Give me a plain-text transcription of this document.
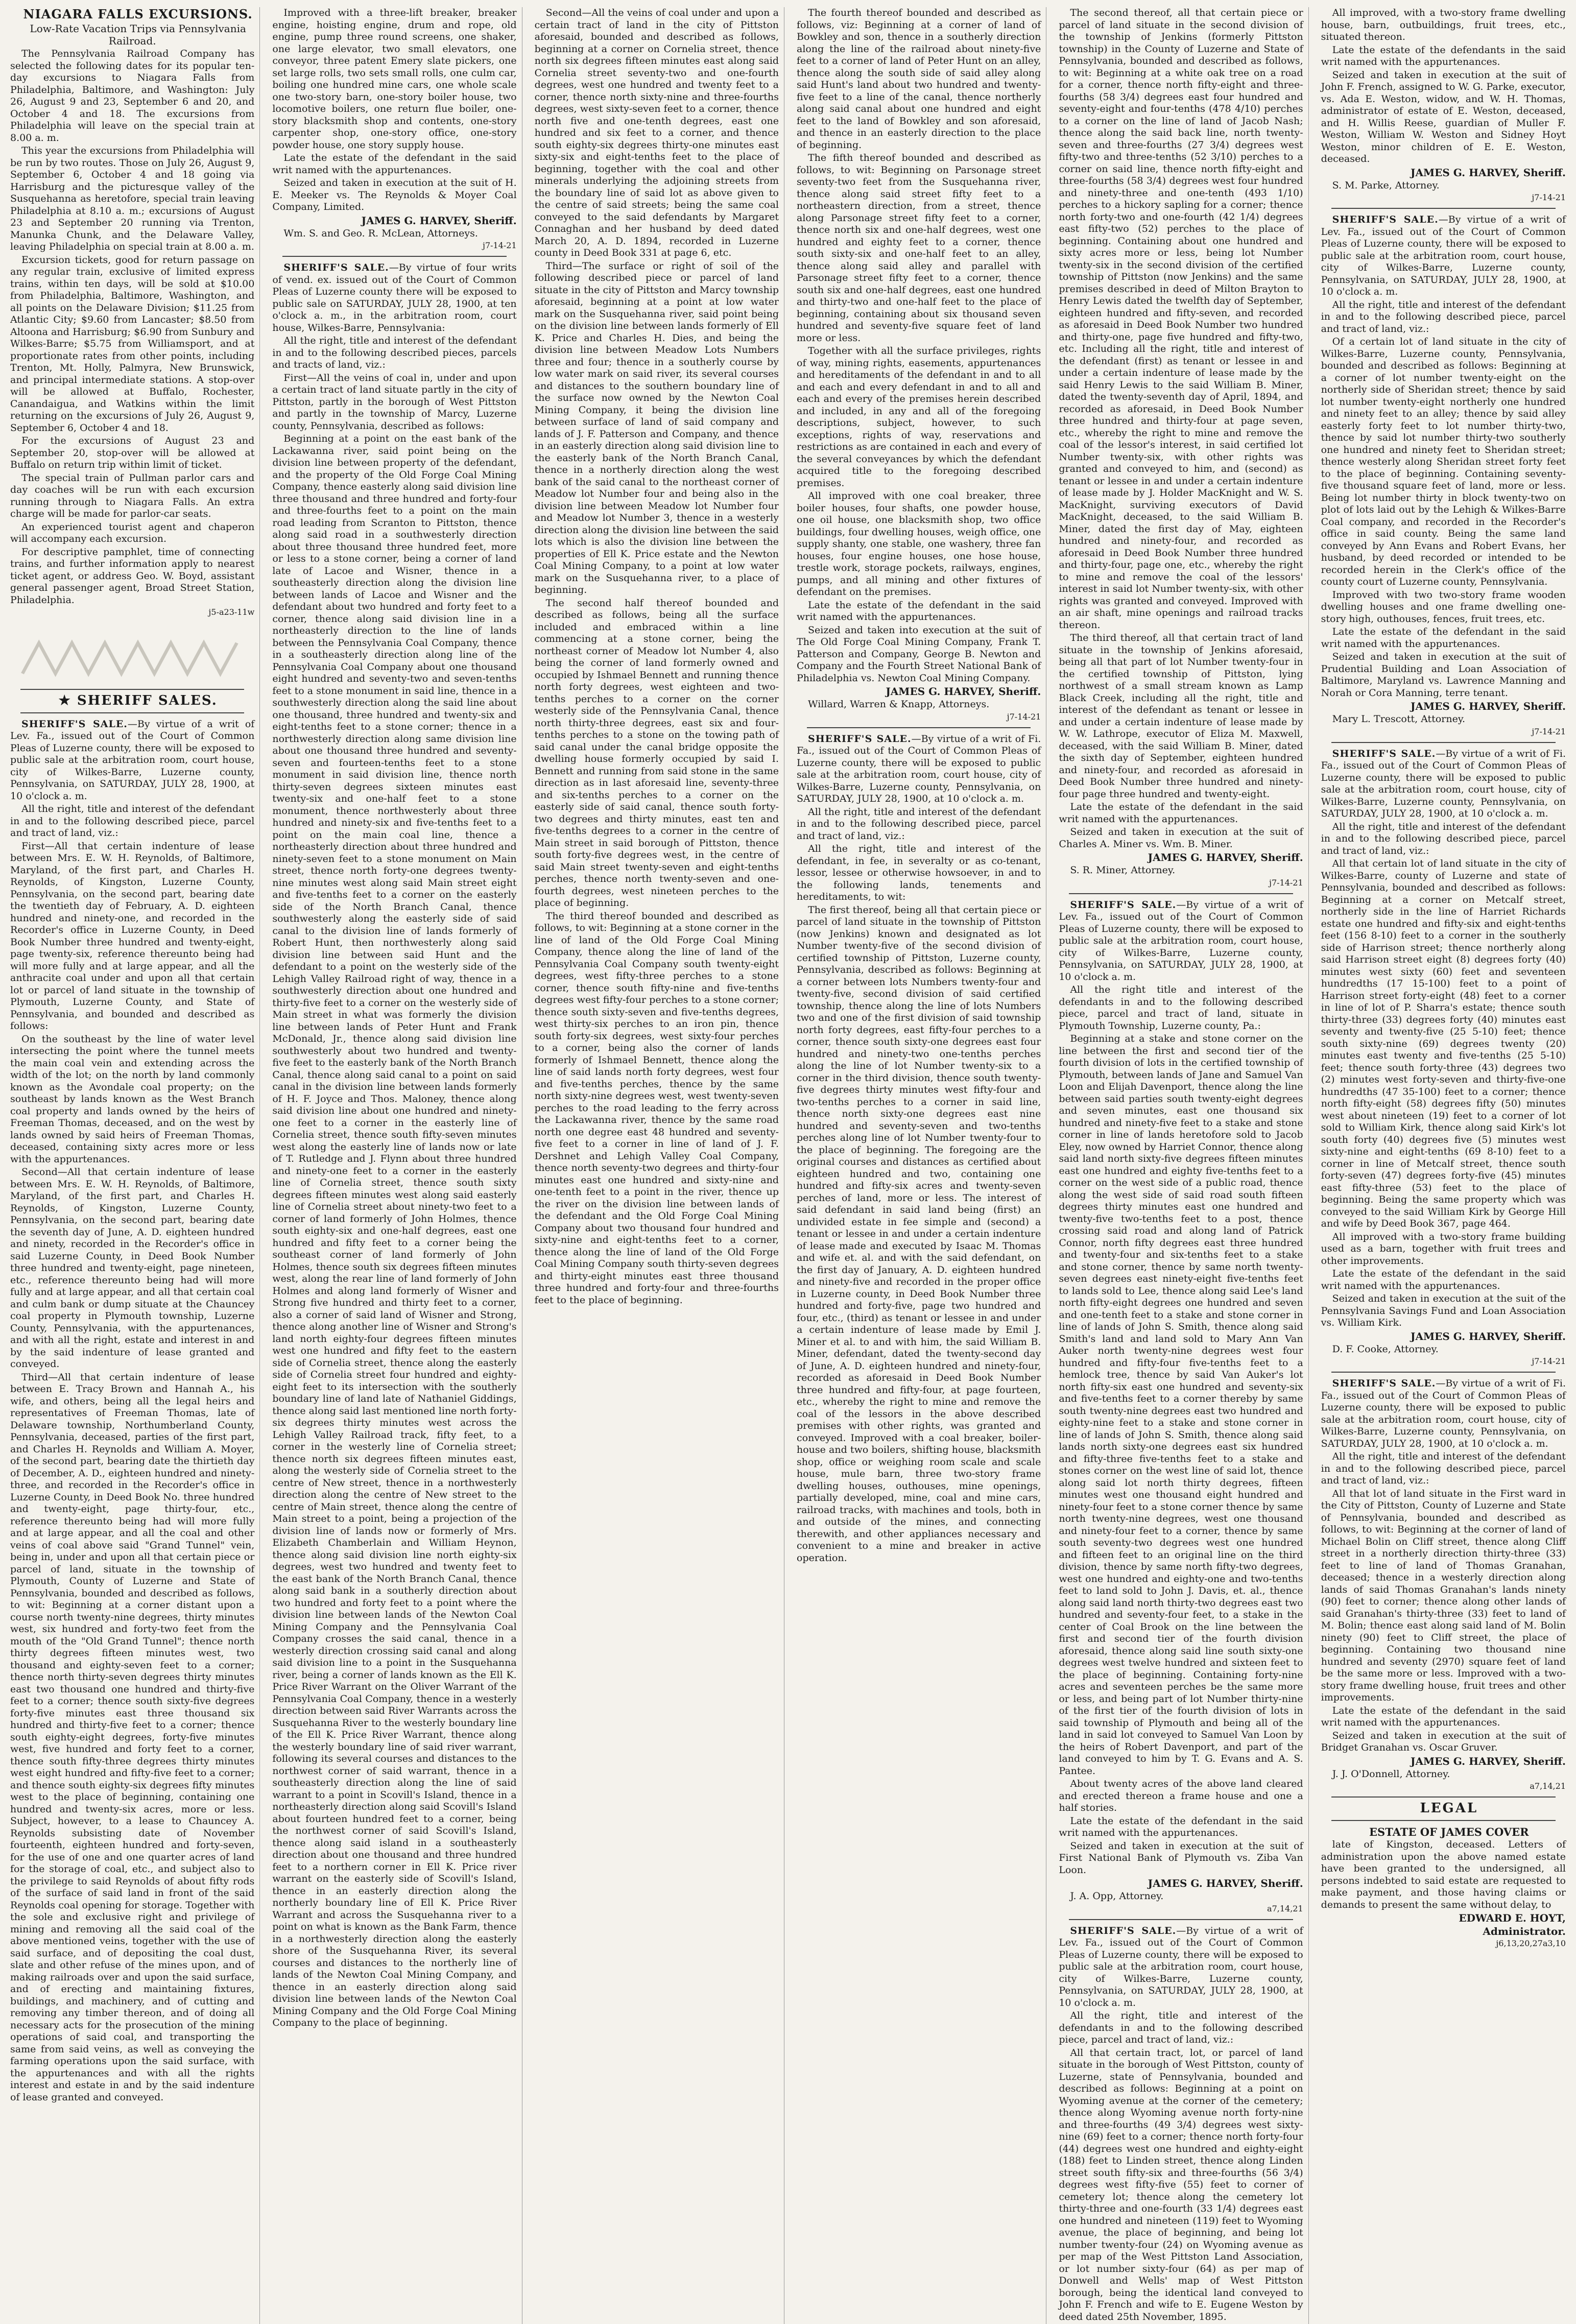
NIAGARA FALLS EXCURSIONS.

Low-Rate Vacation Trips via Pennsylvania Railroad.

The Pennsylvania Railroad Company has selected the following dates for its popular ten-day excursions to Niagara Falls from Philadelphia, Baltimore, and Washington: July 26, August 9 and 23, September 6 and 20, and October 4 and 18. The excursions from Philadelphia will leave on the special train at 8.00 a. m.

This year the excursions from Philadelphia will be run by two routes. Those on July 26, August 9, September 6, October 4 and 18 going via Harrisburg and the picturesque valley of the Susquehanna as heretofore, special train leaving Philadelphia at 8.10 a. m.; excursions of August 23 and September 20 running via Trenton, Manunka Chunk, and the Delaware Valley, leaving Philadelphia on special train at 8.00 a. m.

Excursion tickets, good for return passage on any regular train, exclusive of limited express trains, within ten days, will be sold at $10.00 from Philadelphia, Baltimore, Washington, and all points on the Delaware Division; $11.25 from Atlantic City; $9.60 from Lancaster; $8.50 from Altoona and Harrisburg; $6.90 from Sunbury and Wilkes-Barre; $5.75 from Williamsport, and at proportionate rates from other points, including Trenton, Mt. Holly, Palmyra, New Brunswick, and principal intermediate stations. A stop-over will be allowed at Buffalo, Rochester, Canandaigua, and Watkins within the limit returning on the excursions of July 26, August 9, September 6, October 4 and 18.

For the excursions of August 23 and September 20, stop-over will be allowed at Buffalo on return trip within limit of ticket.

The special train of Pullman parlor cars and day coaches will be run with each excursion running through to Niagara Falls. An extra charge will be made for parlor-car seats.

An experienced tourist agent and chaperon will accompany each excursion.

For descriptive pamphlet, time of connecting trains, and further information apply to nearest ticket agent, or address Geo. W. Boyd, assistant general passenger agent, Broad Street Station, Philadelphia.

j5-a23-11w

★ SHERIFF SALES.

SHERIFF'S SALE.—By virtue of a writ of Lev. Fa., issued out of the Court of Common Pleas of Luzerne county, there will be exposed to public sale at the arbitration room, court house, city of Wilkes-Barre, Luzerne county, Pennsylvania, on SATURDAY, JULY 28, 1900, at 10 o'clock a. m.

All the right, title and interest of the defendant in and to the following described piece, parcel and tract of land, viz.:

First—All that certain indenture of lease between Mrs. E. W. H. Reynolds, of Baltimore, Maryland, of the first part, and Charles H. Reynolds, of Kingston, Luzerne County, Pennsylvania, on the second part, bearing date the twentieth day of February, A. D. eighteen hundred and ninety-one, and recorded in the Recorder's office in Luzerne County, in Deed Book Number three hundred and twenty-eight, page twenty-six, reference thereunto being had will more fully and at large appear, and all the anthracite coal under and upon all that certain lot or parcel of land situate in the township of Plymouth, Luzerne County, and State of Pennsylvania, and bounded and described as follows:

On the southeast by the line of water level intersecting the point where the tunnel meets the main coal vein and extending across the width of the lot; on the north by land commonly known as the Avondale coal property; on the southeast by lands known as the West Branch coal property and lands owned by the heirs of Freeman Thomas, deceased, and on the west by lands owned by said heirs of Freeman Thomas, deceased, containing sixty acres more or less with the appurtenances.

Second—All that certain indenture of lease between Mrs. E. W. H. Reynolds, of Baltimore, Maryland, of the first part, and Charles H. Reynolds, of Kingston, Luzerne County, Pennsylvania, on the second part, bearing date the seventh day of June, A. D. eighteen hundred and ninety, recorded in the Recorder's office in said Luzerne County, in Deed Book Number three hundred and twenty-eight, page nineteen, etc., reference thereunto being had will more fully and at large appear, and all that certain coal and culm bank or dump situate at the Chauncey coal property in Plymouth township, Luzerne County, Pennsylvania, with the appurtenances, and with all the right, estate and interest in and by the said indenture of lease granted and conveyed.

Third—All that certain indenture of lease between E. Tracy Brown and Hannah A., his wife, and others, being all the legal heirs and representatives of Freeman Thomas, late of Delaware township, Northumberland County, Pennsylvania, deceased, parties of the first part, and Charles H. Reynolds and William A. Moyer, of the second part, bearing date the thirtieth day of December, A. D., eighteen hundred and ninety-three, and recorded in the Recorder's office in Luzerne County, in Deed Book No. three hundred and twenty-eight, page thirty-four, etc., reference thereunto being had will more fully and at large appear, and all the coal and other veins of coal above said "Grand Tunnel" vein, being in, under and upon all that certain piece or parcel of land, situate in the township of Plymouth, County of Luzerne and State of Pennsylvania, bounded and described as follows, to wit: Beginning at a corner distant upon a course north twenty-nine degrees, thirty minutes west, six hundred and forty-two feet from the mouth of the "Old Grand Tunnel"; thence north thirty degrees fifteen minutes west, two thousand and eighty-seven feet to a corner; thence north thirty-seven degrees thirty minutes east two thousand one hundred and thirty-five feet to a corner; thence south sixty-five degrees forty-five minutes east three thousand six hundred and thirty-five feet to a corner; thence south eighty-eight degrees, forty-five minutes west, five hundred and forty feet to a corner, thence south fifty-three degrees thirty minutes west eight hundred and fifty-five feet to a corner; and thence south eighty-six degrees fifty minutes west to the place of beginning, containing one hundred and twenty-six acres, more or less. Subject, however, to a lease to Chauncey A. Reynolds subsisting date of November fourteenth, eighteen hundred and forty-seven, for the use of one and one quarter acres of land for the storage of coal, etc., and subject also to the privilege to said Reynolds of about fifty rods of the surface of said land in front of the said Reynolds coal opening for storage. Together with the sole and exclusive right and privilege of mining and removing all the said coal of the above mentioned veins, together with the use of said surface, and of depositing the coal dust, slate and other refuse of the mines upon, and of making railroads over and upon the said surface, and of erecting and maintaining fixtures, buildings, and machinery, and of cutting and removing any timber thereon, and of doing all necessary acts for the prosecution of the mining operations of said coal, and transporting the same from said veins, as well as conveying the farming operations upon the said surface, with the appurtenances and with all the rights interest and estate in and by the said indenture of lease granted and conveyed.

Improved with a three-lift breaker, breaker engine, hoisting engine, drum and rope, old engine, pump three round screens, one shaker, one large elevator, two small elevators, one conveyor, three patent Emery slate pickers, one set large rolls, two sets small rolls, one culm car, boiling one hundred mine cars, one whole scale one two-story barn, one-story boiler house, two locomotive boilers, one return flue boiler, one-story blacksmith shop and contents, one-story carpenter shop, one-story office, one-story powder house, one story supply house.

Late the estate of the defendant in the said writ named with the appurtenances.

Seized and taken in execution at the suit of H. E. Meeker vs. The Reynolds & Moyer Coal Company, Limited.

JAMES G. HARVEY, Sheriff.

Wm. S. and Geo. R. McLean, Attorneys.

j7-14-21

SHERIFF'S SALE.—By virtue of four writs of vend. ex. issued out of the Court of Common Pleas of Luzerne county there will be exposed to public sale on SATURDAY, JULY 28, 1900, at ten o'clock a. m., in the arbitration room, court house, Wilkes-Barre, Pennsylvania:

All the right, title and interest of the defendant in and to the following described pieces, parcels and tracts of land, viz.:

First—All the veins of coal in, under and upon a certain tract of land situate partly in the city of Pittston, partly in the borough of West Pittston and partly in the township of Marcy, Luzerne county, Pennsylvania, described as follows:

Beginning at a point on the east bank of the Lackawanna river, said point being on the division line between property of the defendant, and the property of the Old Forge Coal Mining Company, thence easterly along said division line three thousand and three hundred and forty-four and three-fourths feet to a point on the main road leading from Scranton to Pittston, thence along said road in a southwesterly direction about three thousand three hundred feet, more or less to a stone corner, being a corner of land late of Lacoe and Wisner, thence in a southeasterly direction along the division line between lands of Lacoe and Wisner and the defendant about two hundred and forty feet to a corner, thence along said division line in a northeasterly direction to the line of lands between the Pennsylvania Coal Company, thence in a southeasterly direction along line of the Pennsylvania Coal Company about one thousand eight hundred and seventy-two and seven-tenths feet to a stone monument in said line, thence in a southwesterly direction along the said line about one thousand, three hundred and twenty-six and eight-tenths feet to a stone corner; thence in a northwesterly direction along same division line about one thousand three hundred and seventy-seven and fourteen-tenths feet to a stone monument in said division line, thence north thirty-seven degrees sixteen minutes east twenty-six and one-half feet to a stone monument, thence northwesterly about three hundred and ninety-six and five-tenths feet to a point on the main coal line, thence a northeasterly direction about three hundred and ninety-seven feet to a stone monument on Main street, thence north forty-one degrees twenty-nine minutes west along said Main street eight and five-tenths feet to a corner on the easterly side of the North Branch Canal, thence southwesterly along the easterly side of said canal to the division line of lands formerly of Robert Hunt, then northwesterly along said division line between said Hunt and the defendant to a point on the westerly side of the Lehigh Valley Railroad right of way, thence in a southwesterly direction about one hundred and thirty-five feet to a corner on the westerly side of Main street in what was formerly the division line between lands of Peter Hunt and Frank McDonald, Jr., thence along said division line southwesterly about two hundred and twenty-five feet to the easterly bank of the North Branch Canal, thence along said canal to a point on said canal in the division line between lands formerly of H. F. Joyce and Thos. Maloney, thence along said division line about one hundred and ninety-one feet to a corner in the easterly line of Cornelia street, thence south fifty-seven minutes west along the easterly line of lands now or late of T. Rutledge and J. Flynn about three hundred and ninety-one feet to a corner in the easterly line of Cornelia street, thence south sixty degrees fifteen minutes west along said easterly line of Cornelia street about ninety-two feet to a corner of land formerly of John Holmes, thence south eighty-six and one-half degrees, east one hundred and fifty feet to a corner being the southeast corner of land formerly of John Holmes, thence south six degrees fifteen minutes west, along the rear line of land formerly of John Holmes and along land formerly of Wisner and Strong five hundred and thirty feet to a corner, also a corner of said land of Wisner and Strong, thence along another line of Wisner and Strong's land north eighty-four degrees fifteen minutes west one hundred and fifty feet to the eastern side of Cornelia street, thence along the easterly side of Cornelia street four hundred and eighty-eight feet to its intersection with the southerly boundary line of land late of Nathaniel Giddings, thence along said last mentioned line north forty-six degrees thirty minutes west across the Lehigh Valley Railroad track, fifty feet, to a corner in the westerly line of Cornelia street; thence north six degrees fifteen minutes east, along the westerly side of Cornelia street to the centre of New street, thence in a northwesterly direction along the centre of New street to the centre of Main street, thence along the centre of Main street to a point, being a projection of the division line of lands now or formerly of Mrs. Elizabeth Chamberlain and William Heynon, thence along said division line north eighty-six degrees, west two hundred and twenty feet to the east bank of the North Branch Canal, thence along said bank in a southerly direction about two hundred and forty feet to a point where the division line between lands of the Newton Coal Mining Company and the Pennsylvania Coal Company crosses the said canal, thence in a westerly direction crossing said canal and along said division line to a point in the Susquehanna river, being a corner of lands known as the Ell K. Price River Warrant on the Oliver Warrant of the Pennsylvania Coal Company, thence in a westerly direction between said River Warrants across the Susquehanna River to the westerly boundary line of the Ell K. Price River Warrant, thence along the westerly boundary line of said river warrant, following its several courses and distances to the northwest corner of said warrant, thence in a southeasterly direction along the line of said warrant to a point in Scovill's Island, thence in a northeasterly direction along said Scovill's Island about fourteen hundred feet to a corner, being the northwest corner of said Scovill's Island, thence along said island in a southeasterly direction about one thousand and three hundred feet to a northern corner in Ell K. Price river warrant on the easterly side of Scovill's Island, thence in an easterly direction along the northerly boundary line of Ell K. Price River Warrant and across the Susquehanna river to a point on what is known as the Bank Farm, thence in a northwesterly direction along the easterly shore of the Susquehanna River, its several courses and distances to the northerly line of lands of the Newton Coal Mining Company, and thence in an easterly direction along said division line between lands of the Newton Coal Mining Company and the Old Forge Coal Mining Company to the place of beginning.

Second—All the veins of coal under and upon a certain tract of land in the city of Pittston aforesaid, bounded and described as follows, beginning at a corner on Cornelia street, thence north six degrees fifteen minutes east along said Cornelia street seventy-two and one-fourth degrees, west one hundred and twenty feet to a corner, thence north sixty-nine and three-fourths degrees, west sixty-seven feet to a corner, thence north five and one-tenth degrees, east one hundred and six feet to a corner, and thence south eighty-six degrees thirty-one minutes east sixty-six and eight-tenths feet to the place of beginning, together with the coal and other minerals underlying the adjoining streets from the boundary line of said lot as above given to the centre of said streets; being the same coal conveyed to the said defendants by Margaret Connaghan and her husband by deed dated March 20, A. D. 1894, recorded in Luzerne county in Deed Book 331 at page 6, etc.

Third—The surface or right of soil of the following described piece or parcel of land situate in the city of Pittston and Marcy township aforesaid, beginning at a point at low water mark on the Susquehanna river, said point being on the division line between lands formerly of Ell K. Price and Charles H. Dies, and being the division line between Meadow Lots Numbers three and four; thence in a southerly course by low water mark on said river, its several courses and distances to the southern boundary line of the surface now owned by the Newton Coal Mining Company, it being the division line between surface of land of said company and lands of J. F. Patterson and Company, and thence in an easterly direction along said division line to the easterly bank of the North Branch Canal, thence in a northerly direction along the west bank of the said canal to the northeast corner of Meadow lot Number four and being also in the division line between Meadow lot Number four and Meadow lot Number 3, thence in a westerly direction along the division line between the said lots which is also the division line between the properties of Ell K. Price estate and the Newton Coal Mining Company, to a point at low water mark on the Susquehanna river, to a place of beginning.

The second half thereof bounded and described as follows, being all the surface included and embraced within a line commencing at a stone corner, being the northeast corner of Meadow lot Number 4, also being the corner of land formerly owned and occupied by Ishmael Bennett and running thence north forty degrees, west eighteen and two-tenths perches to a corner on the corner westerly side of the Pennsylvania Canal, thence north thirty-three degrees, east six and four-tenths perches to a stone on the towing path of said canal under the canal bridge opposite the dwelling house formerly occupied by said I. Bennett and running from said stone in the same direction as in last aforesaid line, seventy-three and six-tenths perches to a corner on the easterly side of said canal, thence south forty-two degrees and thirty minutes, east ten and five-tenths degrees to a corner in the centre of Main street in said borough of Pittston, thence south forty-five degrees west, in the centre of said Main street twenty-seven and eight-tenths perches, thence north twenty-seven and one-fourth degrees, west nineteen perches to the place of beginning.

The third thereof bounded and described as follows, to wit: Beginning at a stone corner in the line of land of the Old Forge Coal Mining Company, thence along the line of land of the Pennsylvania Coal Company south twenty-eight degrees, west fifty-three perches to a stone corner, thence south fifty-nine and five-tenths degrees west fifty-four perches to a stone corner; thence south sixty-seven and five-tenths degrees, west thirty-six perches to an iron pin, thence south forty-six degrees, west sixty-four perches to a corner, being also the corner of lands formerly of Ishmael Bennett, thence along the line of said lands north forty degrees, west four and five-tenths perches, thence by the same north sixty-nine degrees west, west twenty-seven perches to the road leading to the ferry across the Lackawanna river, thence by the same road north one degree east 48 hundred and seventy-five feet to a corner in line of land of J. F. Dershnet and Lehigh Valley Coal Company, thence north seventy-two degrees and thirty-four minutes east one hundred and sixty-nine and one-tenth feet to a point in the river, thence up the river on the division line between lands of the defendant and the Old Forge Coal Mining Company about two thousand four hundred and sixty-nine and eight-tenths feet to a corner, thence along the line of land of the Old Forge Coal Mining Company south thirty-seven degrees and thirty-eight minutes east three thousand three hundred and forty-four and three-fourths feet to the place of beginning.

The fourth thereof bounded and described as follows, viz: Beginning at a corner of land of Bowkley and son, thence in a southerly direction along the line of the railroad about ninety-five feet to a corner of land of Peter Hunt on an alley, thence along the south side of said alley along said Hunt's land about two hundred and twenty-five feet to a line of the canal, thence northerly along said canal about one hundred and eight feet to the land of Bowkley and son aforesaid, and thence in an easterly direction to the place of beginning.

The fifth thereof bounded and described as follows, to wit: Beginning on Parsonage street seventy-two feet from the Susquehanna river, thence along said street fifty feet to a northeastern direction, from a street, thence along Parsonage street fifty feet to a corner, thence north six and one-half degrees, west one hundred and eighty feet to a corner, thence south sixty-six and one-half feet to an alley, thence along said alley and parallel with Parsonage street fifty feet to a corner, thence south six and one-half degrees, east one hundred and thirty-two and one-half feet to the place of beginning, containing about six thousand seven hundred and seventy-five square feet of land more or less.

Together with all the surface privileges, rights of way, mining rights, easements, appurtenances and hereditaments of the defendant in and to all and each and every defendant in and to all and each and every of the premises herein described and included, in any and all of the foregoing descriptions, subject, however, to such exceptions, rights of way, reservations and restrictions as are contained in each and every of the several conveyances by which the defendant acquired title to the foregoing described premises.

All improved with one coal breaker, three boiler houses, four shafts, one powder house, one oil house, one blacksmith shop, two office buildings, four dwelling houses, weigh office, one supply shanty, one stable, one washery, three fan houses, four engine houses, one hose house, trestle work, storage pockets, railways, engines, pumps, and all mining and other fixtures of defendant on the premises.

Late the estate of the defendant in the said writ named with the appurtenances.

Seized and taken into execution at the suit of The Old Forge Coal Mining Company, Frank T. Patterson and Company, George B. Newton and Company and the Fourth Street National Bank of Philadelphia vs. Newton Coal Mining Company.

JAMES G. HARVEY, Sheriff.

Willard, Warren & Knapp, Attorneys.

j7-14-21

SHERIFF'S SALE.—By virtue of a writ of Fi. Fa., issued out of the Court of Common Pleas of Luzerne county, there will be exposed to public sale at the arbitration room, court house, city of Wilkes-Barre, Luzerne county, Pennsylvania, on SATURDAY, JULY 28, 1900, at 10 o'clock a. m.

All the right, title and interest of the defendant in and to the following described piece, parcel and tract of land, viz.:

All the right, title and interest of the defendant, in fee, in severalty or as co-tenant, lessor, lessee or otherwise howsoever, in and to the following lands, tenements and hereditaments, to wit:

The first thereof, being all that certain piece or parcel of land situate in the township of Pittston (now Jenkins) known and designated as lot Number twenty-five of the second division of certified township of Pittston, Luzerne county, Pennsylvania, described as follows: Beginning at a corner between lots Numbers twenty-four and twenty-five, second division of said certified township, thence along the line of lots Numbers two and one of the first division of said township north forty degrees, east fifty-four perches to a corner, thence south sixty-one degrees east four hundred and ninety-two one-tenths perches along the line of lot Number twenty-six to a corner in the third division, thence south twenty-five degrees thirty minutes west fifty-four and two-tenths perches to a corner in said line, thence north sixty-one degrees east nine hundred and seventy-seven and two-tenths perches along line of lot Number twenty-four to the place of beginning. The foregoing are the original courses and distances as certified about eighteen hundred and two, containing one hundred and fifty-six acres and twenty-seven perches of land, more or less. The interest of said defendant in said land being (first) an undivided estate in fee simple and (second) a tenant or lessee in and under a certain indenture of lease made and executed by Isaac M. Thomas and wife et. al. and with the said defendant, on the first day of January, A. D. eighteen hundred and ninety-five and recorded in the proper office in Luzerne county, in Deed Book Number three hundred and forty-five, page two hundred and four, etc., (third) as tenant or lessee in and under a certain indenture of lease made by Emil J. Miner et al. to and with him, the said William B. Miner, defendant, dated the twenty-second day of June, A. D. eighteen hundred and ninety-four, recorded as aforesaid in Deed Book Number three hundred and fifty-four, at page fourteen, etc., whereby the right to mine and remove the coal of the lessors in the above described premises with other rights, was granted and conveyed. Improved with a coal breaker, boiler-house and two boilers, shifting house, blacksmith shop, office or weighing room scale and scale house, mule barn, three two-story frame dwelling houses, outhouses, mine openings, partially developed, mine, coal and mine cars, railroad tracks, with machines and tools, both in and outside of the mines, and connecting therewith, and other appliances necessary and convenient to a mine and breaker in active operation.

The second thereof, all that certain piece or parcel of land situate in the second division of the township of Jenkins (formerly Pittston township) in the County of Luzerne and State of Pennsylvania, bounded and described as follows, to wit: Beginning at a white oak tree on a road for a corner, thence north fifty-eight and three-fourths (58 3/4) degrees east four hundred and seventy-eight and four-tenths (478 4/10) perches to a corner on the line of land of Jacob Nash; thence along the said back line, north twenty-seven and three-fourths (27 3/4) degrees west fifty-two and three-tenths (52 3/10) perches to a corner on said line, thence north fifty-eight and three-fourths (58 3/4) degrees west four hundred and ninety-three and one-tenth (493 1/10) perches to a hickory sapling for a corner; thence north forty-two and one-fourth (42 1/4) degrees east fifty-two (52) perches to the place of beginning. Containing about one hundred and sixty acres more or less, being lot Number twenty-six in the second division of the certified township of Pittston (now Jenkins) and the same premises described in deed of Milton Brayton to Henry Lewis dated the twelfth day of September, eighteen hundred and fifty-seven, and recorded as aforesaid in Deed Book Number two hundred and thirty-one, page five hundred and fifty-two, etc. Including all the right, title and interest of the defendant (first) as tenant or lessee in and under a certain indenture of lease made by the said Henry Lewis to the said William B. Miner, dated the twenty-seventh day of April, 1894, and recorded as aforesaid, in Deed Book Number three hundred and thirty-four at page seven, etc., whereby the right to mine and remove the coal of the lessor's interest, in said certified lot Number twenty-six, with other rights was granted and conveyed to him, and (second) as tenant or lessee in and under a certain indenture of lease made by J. Holder MacKnight and W. S. MacKnight, surviving executors of David MacKnight, deceased, to the said William B. Miner, dated the first day of May, eighteen hundred and ninety-four, and recorded as aforesaid in Deed Book Number three hundred and thirty-four, page one, etc., whereby the right to mine and remove the coal of the lessors' interest in said lot Number twenty-six, with other rights was granted and conveyed. Improved with an air shaft, mine openings and railroad tracks thereon.

The third thereof, all that certain tract of land situate in the township of Jenkins aforesaid, being all that part of lot Number twenty-four in the certified township of Pittston, lying northwest of a small stream known as Lamp Black Creek, including all the right, title and interest of the defendant as tenant or lessee in and under a certain indenture of lease made by W. W. Lathrope, executor of Eliza M. Maxwell, deceased, with the said William B. Miner, dated the sixth day of September, eighteen hundred and ninety-four, and recorded as aforesaid in Deed Book Number three hundred and ninety-four page three hundred and twenty-eight.

Late the estate of the defendant in the said writ named with the appurtenances.

Seized and taken in execution at the suit of Charles A. Miner vs. Wm. B. Miner.

JAMES G. HARVEY, Sheriff.

S. R. Miner, Attorney.

j7-14-21

SHERIFF'S SALE.—By virtue of a writ of Lev. Fa., issued out of the Court of Common Pleas of Luzerne county, there will be exposed to public sale at the arbitration room, court house, city of Wilkes-Barre, Luzerne county, Pennsylvania, on SATURDAY, JULY 28, 1900, at 10 o'clock a. m.

All the right title and interest of the defendants in and to the following described piece, parcel and tract of land, situate in Plymouth Township, Luzerne county, Pa.:

Beginning at a stake and stone corner on the line between the first and second tier of the fourth division of lots in the certified township of Plymouth, between lands of Jane and Samuel Van Loon and Elijah Davenport, thence along the line between said parties south twenty-eight degrees and seven minutes, east one thousand six hundred and ninety-five feet to a stake and stone corner in line of lands heretofore sold to Jacob Eley, now owned by Harriet Connor, thence along said land north sixty-five degrees fifteen minutes east one hundred and eighty five-tenths feet to a corner on the west side of a public road, thence along the west side of said road south fifteen degrees thirty minutes east one hundred and twenty-five two-tenths feet to a post, thence crossing said road and along land of Patrick Connor, north fifty degrees east three hundred and twenty-four and six-tenths feet to a stake and stone corner, thence by same north twenty-seven degrees east ninety-eight five-tenths feet to lands sold to Lee, thence along said Lee's land north fifty-eight degrees one hundred and seven and one-tenth feet to a stake and stone corner in line of lands of John S. Smith, thence along said Smith's land and land sold to Mary Ann Van Auker north twenty-nine degrees west four hundred and fifty-four five-tenths feet to a hemlock tree, thence by said Van Auker's lot north fifty-six east one hundred and seventy-six and five-tenths feet to a corner thereby by same south twenty-nine degrees east two hundred and eighty-nine feet to a stake and stone corner in line of lands of John S. Smith, thence along said lands north sixty-one degrees east six hundred and fifty-three five-tenths feet to a stake and stones corner on the west line of said lot, thence along said lot north thirty degrees, fifteen minutes west one thousand eight hundred and ninety-four feet to a stone corner thence by same north twenty-nine degrees, west one thousand and ninety-four feet to a corner, thence by same south seventy-two degrees west one hundred and fifteen feet to an original line on the third division, thence by same north fifty-two degrees, west one hundred and eighty-one and two-tenths feet to land sold to John J. Davis, et. al., thence along said land north thirty-two degrees east two hundred and seventy-four feet, to a stake in the center of Coal Brook on the line between the first and second tier of the fourth division aforesaid, thence along said line south sixty-one degrees west twelve hundred and sixteen feet to the place of beginning. Containing forty-nine acres and seventeen perches be the same more or less, and being part of lot Number thirty-nine of the first tier of the fourth division of lots in said township of Plymouth and being all of the land in said lot conveyed to Samuel Van Loon by the heirs of Robert Davenport, and part of the land conveyed to him by T. G. Evans and A. S. Pantee.

About twenty acres of the above land cleared and erected thereon a frame house and one a half stories.

Late the estate of the defendant in the said writ named with the appurtenances.

Seized and taken in execution at the suit of First National Bank of Plymouth vs. Ziba Van Loon.

JAMES G. HARVEY, Sheriff.

J. A. Opp, Attorney.

a7,14,21

SHERIFF'S SALE.—By virtue of a writ of Lev. Fa., issued out of the Court of Common Pleas of Luzerne county, there will be exposed to public sale at the arbitration room, court house, city of Wilkes-Barre, Luzerne county, Pennsylvania, on SATURDAY, JULY 28, 1900, at 10 o'clock a. m.

All the right, title and interest of the defendants in and to the following described piece, parcel and tract of land, viz.:

All that certain tract, lot, or parcel of land situate in the borough of West Pittston, county of Luzerne, state of Pennsylvania, bounded and described as follows: Beginning at a point on Wyoming avenue at the corner of the cemetery; thence along Wyoming avenue north forty-nine and three-fourths (49 3/4) degrees west sixty-nine (69) feet to a corner; thence north forty-four (44) degrees west one hundred and eighty-eight (188) feet to Linden street, thence along Linden street south fifty-six and three-fourths (56 3/4) degrees west fifty-five (55) feet to corner of cemetery lot; thence along the cemetery lot thirty-three and one-fourth (33 1/4) degrees east one hundred and nineteen (119) feet to Wyoming avenue, the place of beginning, and being lot number twenty-four (24) on Wyoming avenue as per map of the West Pittston Land Association, or lot number sixty-four (64) as per map of Donwell and Wells' map of West Pittston borough, being the identical land conveyed to John F. French and wife to E. Eugene Weston by deed dated 25th November, 1895.

All improved, with a two-story frame dwelling house, barn, outbuildings, fruit trees, etc., situated thereon.

Late the estate of the defendants in the said writ named with the appurtenances.

Seized and taken in execution at the suit of John F. French, assigned to W. G. Parke, executor, vs. Ada E. Weston, widow, and W. H. Thomas, administrator of estate of E. Weston, deceased, and H. Willis Reese, guardian of Muller F. Weston, William W. Weston and Sidney Hoyt Weston, minor children of E. E. Weston, deceased.

JAMES G. HARVEY, Sheriff.

S. M. Parke, Attorney.

j7-14-21

SHERIFF'S SALE.—By virtue of a writ of Lev. Fa., issued out of the Court of Common Pleas of Luzerne county, there will be exposed to public sale at the arbitration room, court house, city of Wilkes-Barre, Luzerne county, Pennsylvania, on SATURDAY, JULY 28, 1900, at 10 o'clock a. m.

All the right, title and interest of the defendant in and to the following described piece, parcel and tract of land, viz.:

Of a certain lot of land situate in the city of Wilkes-Barre, Luzerne county, Pennsylvania, bounded and described as follows: Beginning at a corner of lot number twenty-eight on the northerly side of Sheridan street; thence by said lot number twenty-eight northerly one hundred and ninety feet to an alley; thence by said alley easterly forty feet to lot number thirty-two, thence by said lot number thirty-two southerly one hundred and ninety feet to Sheridan street; thence westerly along Sheridan street forty feet to the place of beginning. Containing seventy-five thousand square feet of land, more or less. Being lot number thirty in block twenty-two on plot of lots laid out by the Lehigh & Wilkes-Barre Coal company, and recorded in the Recorder's office in said county. Being the same land conveyed by Ann Evans and Robert Evans, her husband, by deed recorded or intended to be recorded herein in the Clerk's office of the county court of Luzerne county, Pennsylvania.

Improved with two two-story frame wooden dwelling houses and one frame dwelling one-story high, outhouses, fences, fruit trees, etc.

Late the estate of the defendant in the said writ named with the appurtenances.

Seized and taken in execution at the suit of Prudential Building and Loan Association of Baltimore, Maryland vs. Lawrence Manning and Norah or Cora Manning, terre tenant.

JAMES G. HARVEY, Sheriff.

Mary L. Trescott, Attorney.

j7-14-21

SHERIFF'S SALE.—By virtue of a writ of Fi. Fa., issued out of the Court of Common Pleas of Luzerne county, there will be exposed to public sale at the arbitration room, court house, city of Wilkes-Barre, Luzerne county, Pennsylvania, on SATURDAY, JULY 28, 1900, at 10 o'clock a. m.

All the right, title and interest of the defendant in and to the following described piece, parcel and tract of land, viz.:

All that certain lot of land situate in the city of Wilkes-Barre, county of Luzerne and state of Pennsylvania, bounded and described as follows: Beginning at a corner on Metcalf street, northerly side in the line of Harriet Richards estate one hundred and fifty-six and eight-tenths feet (156 8-10) feet to a corner in the southerly side of Harrison street; thence northerly along said Harrison street eight (8) degrees forty (40) minutes west sixty (60) feet and seventeen hundredths (17 15-100) feet to a point of Harrison street forty-eight (48) feet to a corner in line of lot of P. Sharra's estate; thence south thirty-three (33) degrees forty (40) minutes east seventy and twenty-five (25 5-10) feet; thence south sixty-nine (69) degrees twenty (20) minutes east twenty and five-tenths (25 5-10) feet; thence south forty-three (43) degrees two (2) minutes west forty-seven and thirty-five-one hundredths (47 35-100) feet to a corner; thence north fifty-eight (58) degrees fifty (50) minutes west about nineteen (19) feet to a corner of lot sold to William Kirk, thence along said Kirk's lot south forty (40) degrees five (5) minutes west sixty-nine and eight-tenths (69 8-10) feet to a corner in line of Metcalf street, thence south forty-seven (47) degrees forty-five (45) minutes east fifty-three (53) feet to the place of beginning. Being the same property which was conveyed to the said William Kirk by George Hill and wife by Deed Book 367, page 464.

All improved with a two-story frame building used as a barn, together with fruit trees and other improvements.

Late the estate of the defendant in the said writ named with the appurtenances.

Seized and taken in execution at the suit of the Pennsylvania Savings Fund and Loan Association vs. William Kirk.

JAMES G. HARVEY, Sheriff.

D. F. Cooke, Attorney.

j7-14-21

SHERIFF'S SALE.—By virtue of a writ of Fi. Fa., issued out of the Court of Common Pleas of Luzerne county, there will be exposed to public sale at the arbitration room, court house, city of Wilkes-Barre, Luzerne county, Pennsylvania, on SATURDAY, JULY 28, 1900, at 10 o'clock a. m.

All the right, title and interest of the defendant in and to the following described piece, parcel and tract of land, viz.:

All that lot of land situate in the First ward in the City of Pittston, County of Luzerne and State of Pennsylvania, bounded and described as follows, to wit: Beginning at the corner of land of Michael Bolin on Cliff street, thence along Cliff street in a northerly direction thirty-three (33) feet to line of land of Thomas Granahan, deceased; thence in a westerly direction along lands of said Thomas Granahan's lands ninety (90) feet to corner; thence along other lands of said Granahan's thirty-three (33) feet to land of M. Bolin; thence east along said land of M. Bolin ninety (90) feet to Cliff street, the place of beginning. Containing two thousand nine hundred and seventy (2970) square feet of land be the same more or less. Improved with a two-story frame dwelling house, fruit trees and other improvements.

Late the estate of the defendant in the said writ named with the appurtenances.

Seized and taken in execution at the suit of Bridget Granahan vs. Oscar Gruver.

JAMES G. HARVEY, Sheriff.

J. J. O'Donnell, Attorney.

a7,14,21

LEGAL

ESTATE OF JAMES COVER

late of Kingston, deceased. Letters of administration upon the above named estate have been granted to the undersigned, all persons indebted to said estate are requested to make payment, and those having claims or demands to present the same without delay, to

EDWARD E. HOYT,

Administrator.

j6,13,20,27a3,10
